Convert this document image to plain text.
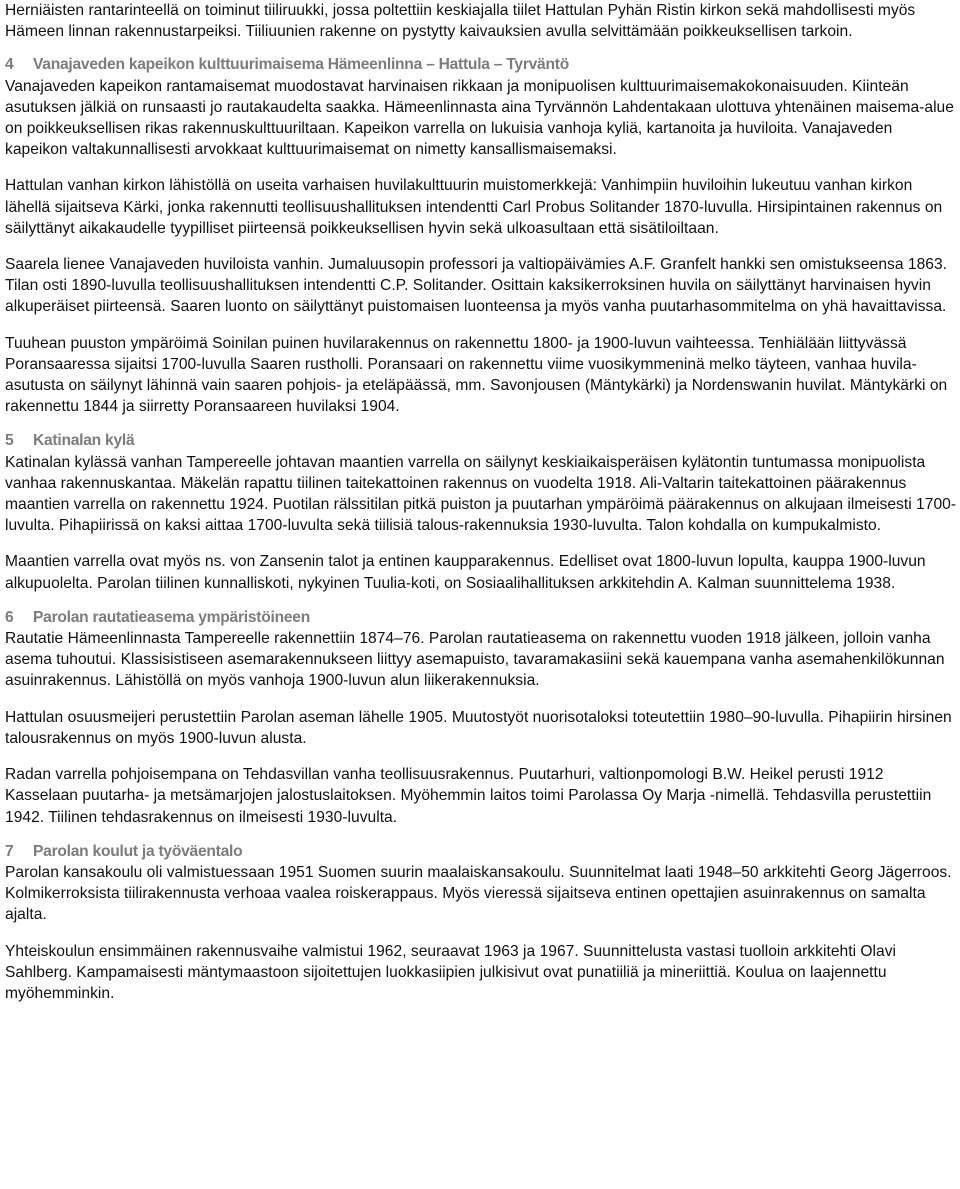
Herniäisten rantarinteellä on toiminut tiiliruukki, jossa poltettiin keskiajalla tiilet Hattulan Pyhän Ristin kirkon sekä mahdollisesti myös Hämeen linnan rakennustarpeiksi. Tiiliuunien rakenne on pystytty kaivauksien avulla selvittämään poikkeuksellisen tarkoin.

4 Vanajaveden kapeikon kulttuurimaisema Hämeenlinna – Hattula – Tyrväntö

Vanajaveden kapeikon rantamaisemat muodostavat harvinaisen rikkaan ja monipuolisen kulttuurimaisemakokonaisuuden. Kiinteän asutuksen jälkiä on runsaasti jo rautakaudelta saakka. Hämeenlinnasta aina Tyrvännön Lahdentakaan ulottuva yhtenäinen maisema-alue on poikkeuksellisen rikas rakennuskulttuuriltaan. Kapeikon varrella on lukuisia vanhoja kyliä, kartanoita ja huviloita. Vanajaveden kapeikon valtakunnallisesti arvokkaat kulttuurimaisemat on nimetty kansallismaisemaksi.

Hattulan vanhan kirkon lähistöllä on useita varhaisen huvilakulttuurin muistomerkkejä: Vanhimpiin huviloihin lukeutuu vanhan kirkon lähellä sijaitseva Kärki, jonka rakennutti teollisuushallituksen intendentti Carl Probus Solitander 1870-luvulla. Hirsipintainen rakennus on säilyttänyt aikakaudelle tyypilliset piirteensä poikkeuksellisen hyvin sekä ulkoasultaan että sisätiloiltaan.

Saarela lienee Vanajaveden huviloista vanhin. Jumaluusopin professori ja valtiopäivämies A.F. Granfelt hankki sen omistukseensa 1863. Tilan osti 1890-luvulla teollisuushallituksen intendentti C.P. Solitander. Osittain kaksikerroksinen huvila on säilyttänyt harvinaisen hyvin alkuperäiset piirteensä. Saaren luonto on säilyttänyt puistomaisen luonteensa ja myös vanha puutarhasommitelma on yhä havaittavissa.

Tuuhean puuston ympäröimä Soinilan puinen huvilarakennus on rakennettu 1800- ja 1900-luvun vaihteessa. Tenhiälään liittyvässä Poransaaressa sijaitsi 1700-luvulla Saaren rustholli. Poransaari on rakennettu viime vuosikymmeninä melko täyteen, vanhaa huvila-asutusta on säilynyt lähinnä vain saaren pohjois- ja eteläpäässä, mm. Savonjousen (Mäntykärki) ja Nordenswanin huvilat. Mäntykärki on rakennettu 1844 ja siirretty Poransaareen huvilaksi 1904.

5 Katinalan kylä

Katinalan kylässä vanhan Tampereelle johtavan maantien varrella on säilynyt keskiaikaisperäisen kylätontin tuntumassa monipuolista vanhaa rakennuskantaa. Mäkelän rapattu tiilinen taitekattoinen rakennus on vuodelta 1918. Ali-Valtarin taitekattoinen päärakennus maantien varrella on rakennettu 1924. Puotilan rälssitilan pitkä puiston ja puutarhan ympäröimä päärakennus on alkujaan ilmeisesti 1700-luvulta. Pihapiirissä on kaksi aittaa 1700-luvulta sekä tiilisiä talous-rakennuksia 1930-luvulta. Talon kohdalla on kumpukalmisto.

Maantien varrella ovat myös ns. von Zansenin talot ja entinen kaupparakennus. Edelliset ovat 1800-luvun lopulta, kauppa 1900-luvun alkupuolelta. Parolan tiilinen kunnalliskoti, nykyinen Tuulia-koti, on Sosiaalihallituksen arkkitehdin A. Kalman suunnittelema 1938.

6 Parolan rautatieasema ympäristöineen

Rautatie Hämeenlinnasta Tampereelle rakennettiin 1874–76. Parolan rautatieasema on rakennettu vuoden 1918 jälkeen, jolloin vanha asema tuhoutui. Klassisistiseen asemarakennukseen liittyy asemapuisto, tavaramakasiini sekä kauempana vanha asemahenkilökunnan asuinrakennus. Lähistöllä on myös vanhoja 1900-luvun alun liikerakennuksia.

Hattulan osuusmeijeri perustettiin Parolan aseman lähelle 1905. Muutostyöt nuorisotaloksi toteutettiin 1980–90-luvulla. Pihapiirin hirsinen talousrakennus on myös 1900-luvun alusta.

Radan varrella pohjoisempana on Tehdasvillan vanha teollisuusrakennus. Puutarhuri, valtionpomologi B.W. Heikel perusti 1912 Kasselaan puutarha- ja metsämarjojen jalostuslaitoksen. Myöhemmin laitos toimi Parolassa Oy Marja -nimellä. Tehdasvilla perustettiin 1942. Tiilinen tehdasrakennus on ilmeisesti 1930-luvulta.

7 Parolan koulut ja työväentalo

Parolan kansakoulu oli valmistuessaan 1951 Suomen suurin maalaiskansakoulu. Suunnitelmat laati 1948–50 arkkitehti Georg Jägerroos. Kolmikerroksista tiilirakennusta verhoaa vaalea roiskerappaus. Myös vieressä sijaitseva entinen opettajien asuinrakennus on samalta ajalta.

Yhteiskoulun ensimmäinen rakennusvaihe valmistui 1962, seuraavat 1963 ja 1967. Suunnittelusta vastasi tuolloin arkkitehti Olavi Sahlberg. Kampamaisesti mäntymaastoon sijoitettujen luokkasiipien julkisivut ovat punatiiliä ja mineriittiä. Koulua on laajennettu myöhemminkin.
